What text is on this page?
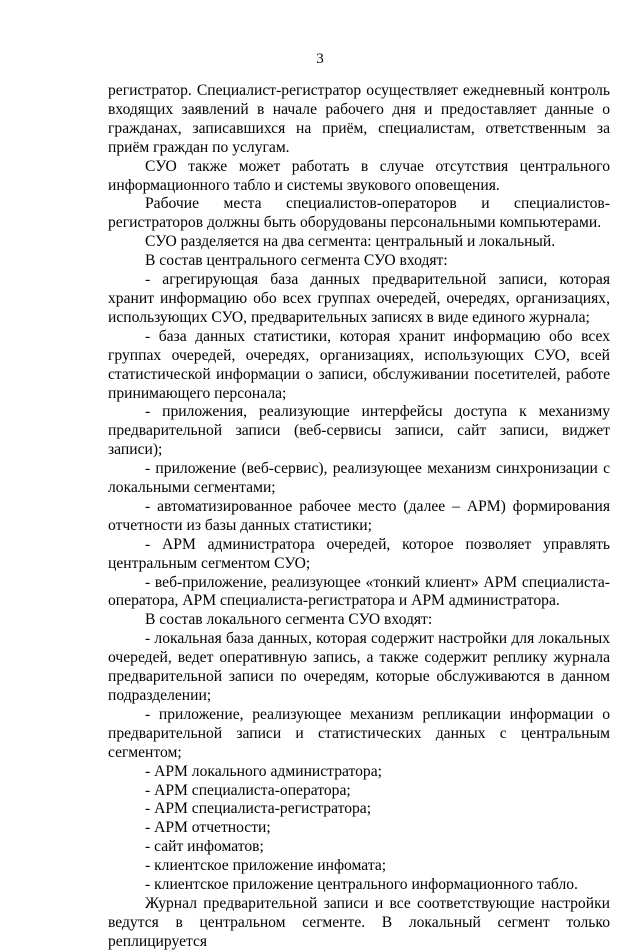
3

регистратор. Специалист-регистратор осуществляет ежедневный контроль входящих заявлений в начале рабочего дня и предоставляет данные о гражданах, записавшихся на приём, специалистам, ответственным за приём граждан по услугам.

СУО также может работать в случае отсутствия центрального информационного табло и системы звукового оповещения.

Рабочие места специалистов-операторов и специалистов-регистраторов должны быть оборудованы персональными компьютерами.

СУО разделяется на два сегмента: центральный и локальный.

В состав центрального сегмента СУО входят:

- агрегирующая база данных предварительной записи, которая хранит информацию обо всех группах очередей, очередях, организациях, использующих СУО, предварительных записях в виде единого журнала;

- база данных статистики, которая хранит информацию обо всех группах очередей, очередях, организациях, использующих СУО, всей статистической информации о записи, обслуживании посетителей, работе принимающего персонала;

- приложения, реализующие интерфейсы доступа к механизму предварительной записи (веб-сервисы записи, сайт записи, виджет записи);

- приложение (веб-сервис), реализующее механизм синхронизации с локальными сегментами;

- автоматизированное рабочее место (далее – АРМ) формирования отчетности из базы данных статистики;

- АРМ администратора очередей, которое позволяет управлять центральным сегментом СУО;

- веб-приложение, реализующее «тонкий клиент» АРМ специалиста-оператора, АРМ специалиста-регистратора и АРМ администратора.

В состав локального сегмента СУО входят:

- локальная база данных, которая содержит настройки для локальных очередей, ведет оперативную запись, а также содержит реплику журнала предварительной записи по очередям, которые обслуживаются в данном подразделении;

- приложение, реализующее механизм репликации информации о предварительной записи и статистических данных с центральным сегментом;

- АРМ локального администратора;

- АРМ специалиста-оператора;

- АРМ специалиста-регистратора;

- АРМ отчетности;

- сайт инфоматов;

- клиентское приложение инфомата;

- клиентское приложение центрального информационного табло.

Журнал предварительной записи и все соответствующие настройки ведутся в центральном сегменте. В локальный сегмент только реплицируется
